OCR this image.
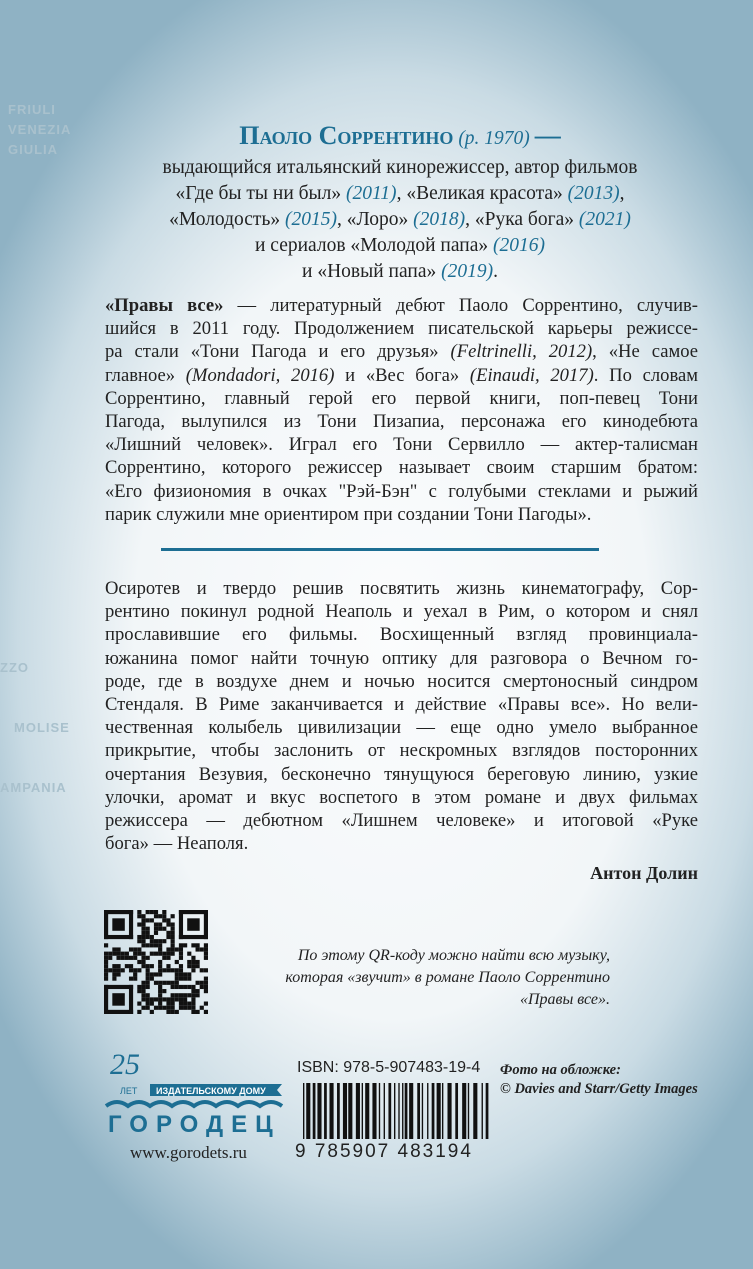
FRIULI
VENEZIA
GIULIA
ZZO
MOLISE
AMPANIA
Паоло Соррентино (р. 1970) —
выдающийся итальянский кинорежиссер, автор фильмов
«Где бы ты ни был» (2011), «Великая красота» (2013),
«Молодость» (2015), «Лоро» (2018), «Рука бога» (2021)
и сериалов «Молодой папа» (2016)
и «Новый папа» (2019).
«Правы все» — литературный дебют Паоло Соррентино, случив-
шийся в 2011 году. Продолжением писательской карьеры режиссе-
ра стали «Тони Пагода и его друзья» (Feltrinelli, 2012), «Не самое
главное» (Mondadori, 2016) и «Вес бога» (Einaudi, 2017). По словам
Соррентино, главный герой его первой книги, поп-певец Тони
Пагода, вылупился из Тони Пизапиа, персонажа его кинодебюта
«Лишний человек». Играл его Тони Сервилло — актер-талисман
Соррентино, которого режиссер называет своим старшим братом:
«Его физиономия в очках "Рэй-Бэн" с голубыми стеклами и рыжий
парик служили мне ориентиром при создании Тони Пагоды».
Осиротев и твердо решив посвятить жизнь кинематографу, Сор-
рентино покинул родной Неаполь и уехал в Рим, о котором и снял
прославившие его фильмы. Восхищенный взгляд провинциала-
южанина помог найти точную оптику для разговора о Вечном го-
роде, где в воздухе днем и ночью носится смертоносный синдром
Стендаля. В Риме заканчивается и действие «Правы все». Но вели-
чественная колыбель цивилизации — еще одно умело выбранное
прикрытие, чтобы заслонить от нескромных взглядов посторонних
очертания Везувия, бесконечно тянущуюся береговую линию, узкие
улочки, аромат и вкус воспетого в этом романе и двух фильмах
режиссера — дебютном «Лишнем человеке» и итоговой «Руке
бога» — Неаполя.
Антон Долин
По этому QR-коду можно найти всю музыку,
которая «звучит» в романе Паоло Соррентино
«Правы все».
25
ЛЕТ ИЗДАТЕЛЬСКОМУ ДОМУ
ГОРОДЕЦ
www.gorodets.ru
ISBN: 978-5-907483-19-4
9 785907 483194
Фото на обложке:
© Davies and Starr/Getty Images
